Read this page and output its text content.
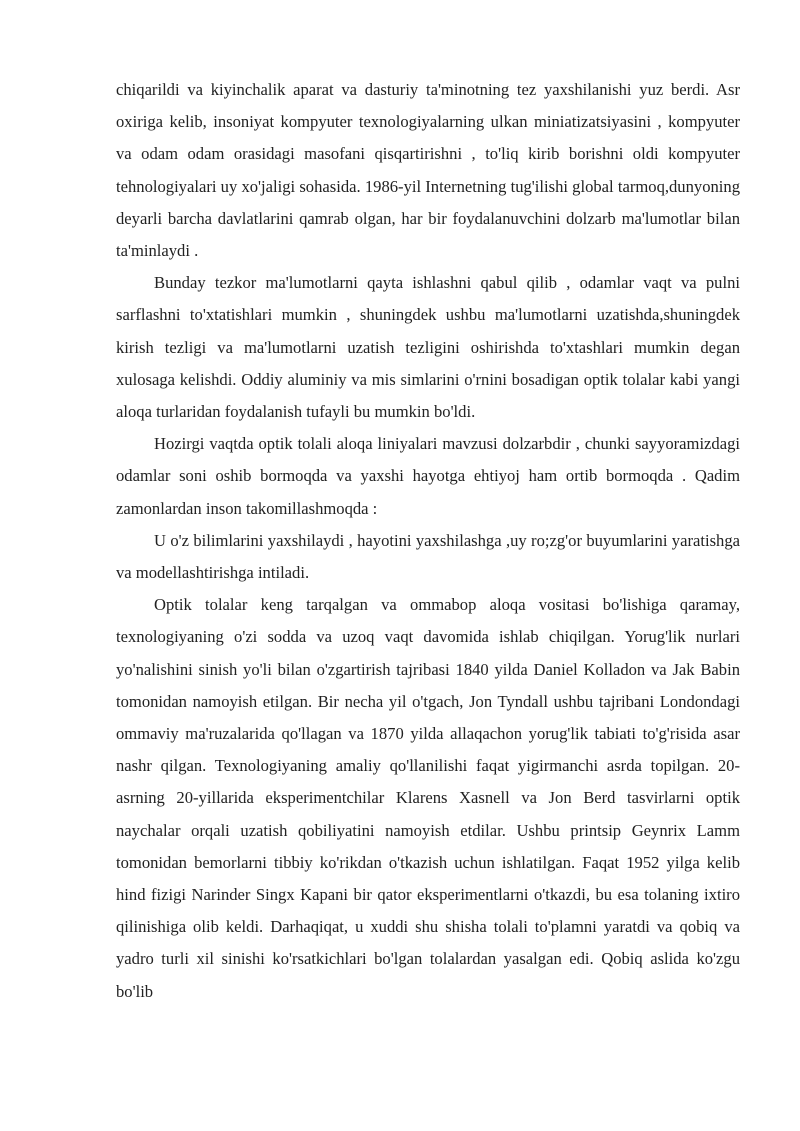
chiqarildi va kiyinchalik aparat va dasturiy ta'minotning tez yaxshilanishi yuz berdi. Asr oxiriga kelib, insoniyat kompyuter texnologiyalarning ulkan miniatizatsiyasini , kompyuter va odam odam orasidagi masofani qisqartirishni , to'liq kirib borishni oldi kompyuter tehnologiyalari uy xo'jaligi sohasida. 1986-yil Internetning tug'ilishi global tarmoq,dunyoning deyarli barcha davlatlarini qamrab olgan, har bir foydalanuvchini dolzarb ma'lumotlar bilan ta'minlaydi .

Bunday tezkor ma'lumotlarni qayta ishlashni qabul qilib , odamlar vaqt va pulni sarflashni to'xtatishlari mumkin , shuningdek ushbu ma'lumotlarni uzatishda,shuningdek kirish tezligi va ma'lumotlarni uzatish tezligini oshirishda to'xtashlari mumkin degan xulosaga kelishdi. Oddiy aluminiy va mis simlarini o'rnini bosadigan optik tolalar kabi yangi aloqa turlaridan foydalanish tufayli bu mumkin bo'ldi.

Hozirgi vaqtda optik tolali aloqa liniyalari mavzusi dolzarbdir , chunki sayyoramizdagi odamlar soni oshib bormoqda va yaxshi hayotga ehtiyoj ham ortib bormoqda . Qadim zamonlardan inson takomillashmoqda :

U o'z bilimlarini yaxshilaydi , hayotini yaxshilashga ,uy ro;zg'or buyumlarini yaratishga va modellashtirishga intiladi.

Optik tolalar keng tarqalgan va ommabop aloqa vositasi bo'lishiga qaramay, texnologiyaning o'zi sodda va uzoq vaqt davomida ishlab chiqilgan. Yorug'lik nurlari yo'nalishini sinish yo'li bilan o'zgartirish tajribasi 1840 yilda Daniel Kolladon va Jak Babin tomonidan namoyish etilgan. Bir necha yil o'tgach, Jon Tyndall ushbu tajribani Londondagi ommaviy ma'ruzalarida qo'llagan va 1870 yilda allaqachon yorug'lik tabiati to'g'risida asar nashr qilgan. Texnologiyaning amaliy qo'llanilishi faqat yigirmanchi asrda topilgan. 20-asrning 20-yillarida eksperimentchilar Klarens Xasnell va Jon Berd tasvirlarni optik naychalar orqali uzatish qobiliyatini namoyish etdilar. Ushbu printsip Geynrix Lamm tomonidan bemorlarni tibbiy ko'rikdan o'tkazish uchun ishlatilgan. Faqat 1952 yilga kelib hind fizigi Narinder Singx Kapani bir qator eksperimentlarni o'tkazdi, bu esa tolaning ixtiro qilinishiga olib keldi. Darhaqiqat, u xuddi shu shisha tolali to'plamni yaratdi va qobiq va yadro turli xil sinishi ko'rsatkichlari bo'lgan tolalardan yasalgan edi. Qobiq aslida ko'zgu bo'lib
